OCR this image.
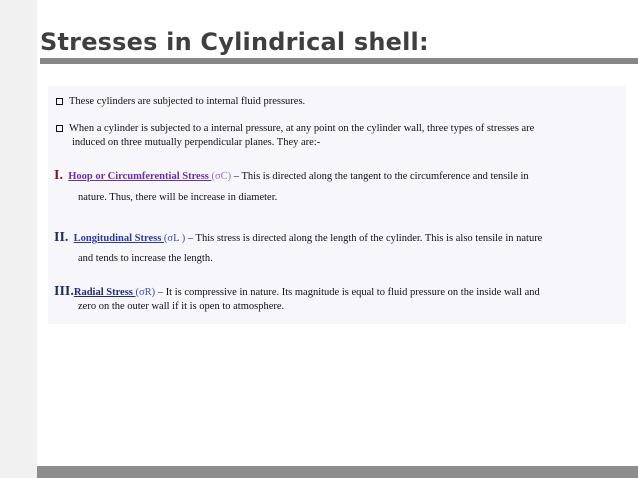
Stresses in Cylindrical shell:
These cylinders are subjected to internal fluid pressures.
When a cylinder is subjected to a internal pressure, at any point on the cylinder wall, three types of stresses are
induced on three mutually perpendicular planes. They are:-
I. Hoop or Circumferential Stress (σC) – This is directed along the tangent to the circumference and tensile in
nature. Thus, there will be increase in diameter.
II. Longitudinal Stress (σL ) – This stress is directed along the length of the cylinder. This is also tensile in nature
and tends to increase the length.
III.Radial Stress (σR) – It is compressive in nature. Its magnitude is equal to fluid pressure on the inside wall and
zero on the outer wall if it is open to atmosphere.
